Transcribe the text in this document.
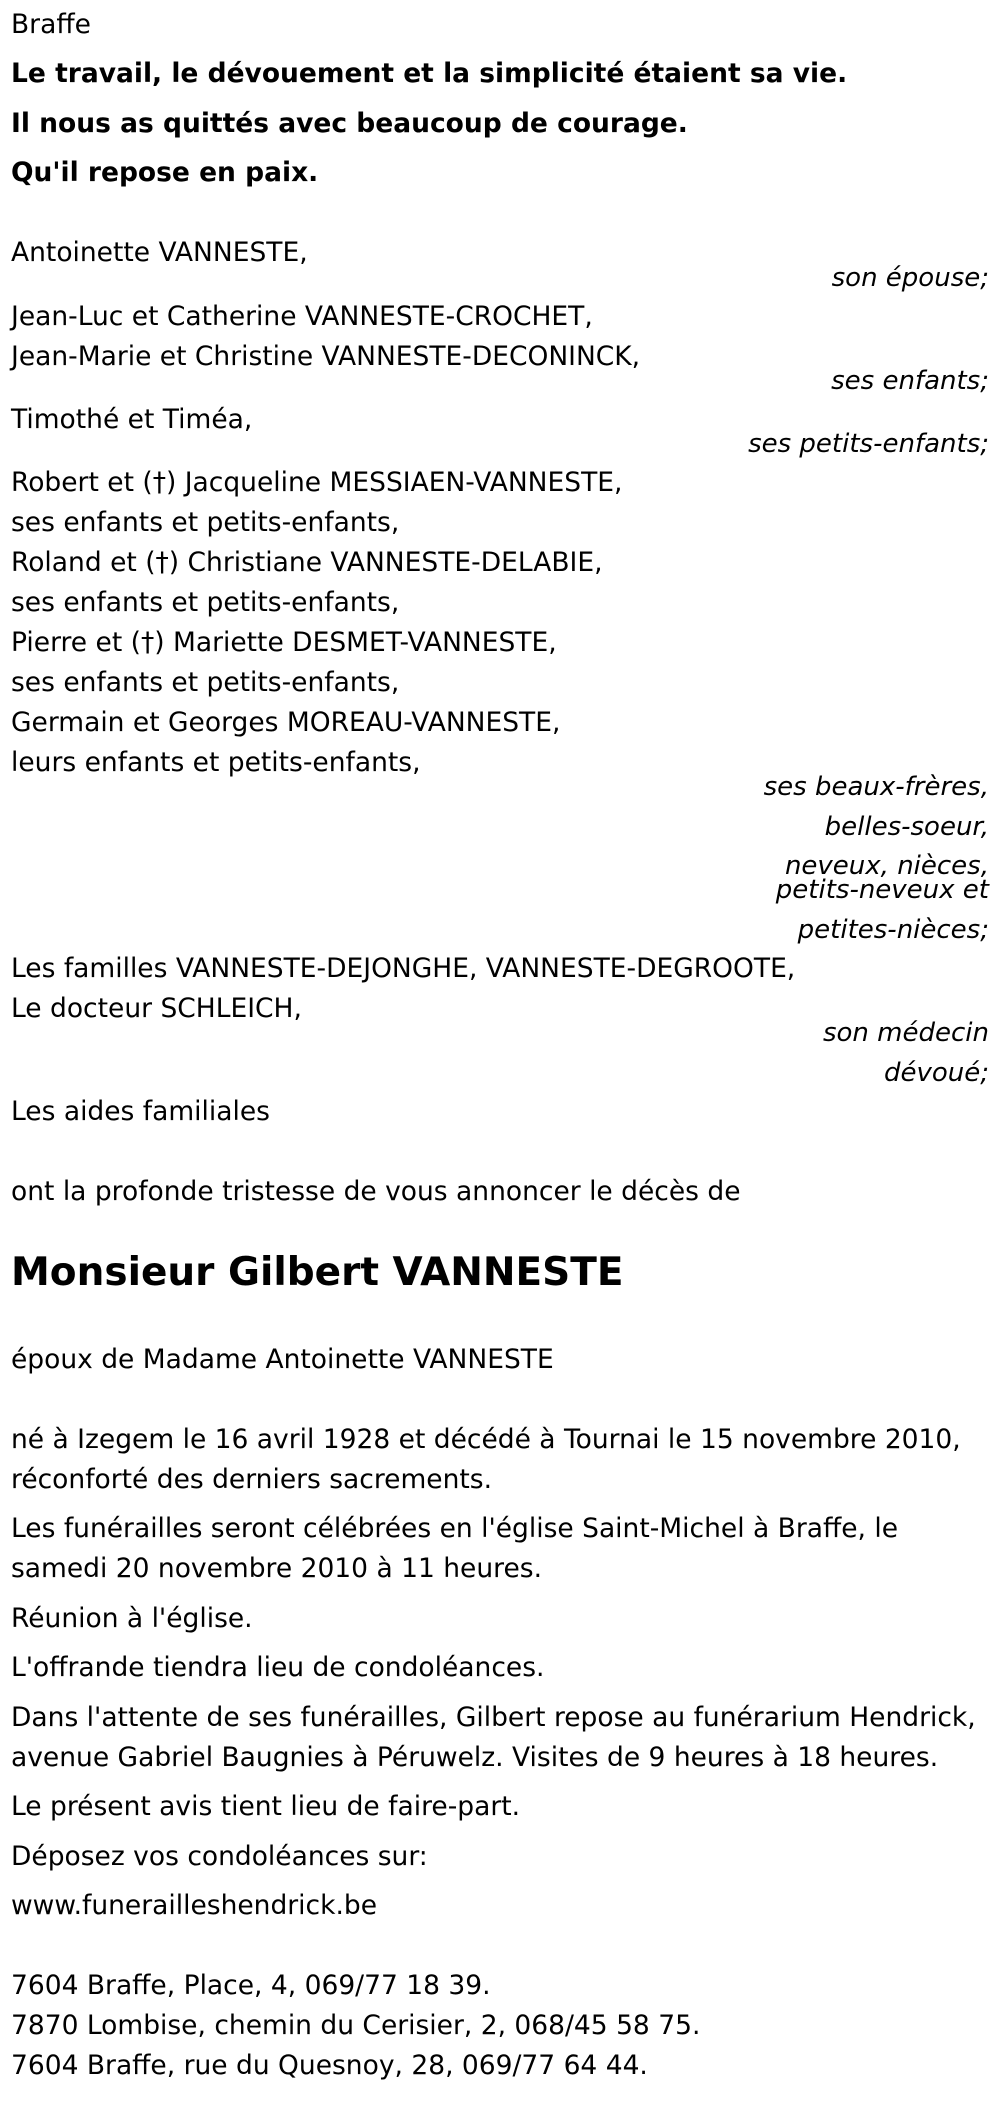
Braffe
Le travail, le dévouement et la simplicité étaient sa vie.
Il nous as quittés avec beaucoup de courage.
Qu'il repose en paix.
Antoinette VANNESTE,
son épouse;
Jean-Luc et Catherine VANNESTE-CROCHET,
Jean-Marie et Christine VANNESTE-DECONINCK,
ses enfants;
Timothé et Timéa,
ses petits-enfants;
Robert et (†) Jacqueline MESSIAEN-VANNESTE,
ses enfants et petits-enfants,
Roland et (†) Christiane VANNESTE-DELABIE,
ses enfants et petits-enfants,
Pierre et (†) Mariette DESMET-VANNESTE,
ses enfants et petits-enfants,
Germain et Georges MOREAU-VANNESTE,
leurs enfants et petits-enfants,
ses beaux-frères,
belles-soeur,
neveux, nièces,
petits-neveux et
petites-nièces;
Les familles VANNESTE-DEJONGHE, VANNESTE-DEGROOTE,
Le docteur SCHLEICH,
son médecin
dévoué;
Les aides familiales
ont la profonde tristesse de vous annoncer le décès de
Monsieur Gilbert VANNESTE
époux de Madame Antoinette VANNESTE
né à Izegem le 16 avril 1928 et décédé à Tournai le 15 novembre 2010,
réconforté des derniers sacrements.
Les funérailles seront célébrées en l'église Saint-Michel à Braffe, le
samedi 20 novembre 2010 à 11 heures.
Réunion à l'église.
L'offrande tiendra lieu de condoléances.
Dans l'attente de ses funérailles, Gilbert repose au funérarium Hendrick,
avenue Gabriel Baugnies à Péruwelz. Visites de 9 heures à 18 heures.
Le présent avis tient lieu de faire-part.
Déposez vos condoléances sur:
www.funerailleshendrick.be
7604 Braffe, Place, 4, 069/77 18 39.
7870 Lombise, chemin du Cerisier, 2, 068/45 58 75.
7604 Braffe, rue du Quesnoy, 28, 069/77 64 44.
